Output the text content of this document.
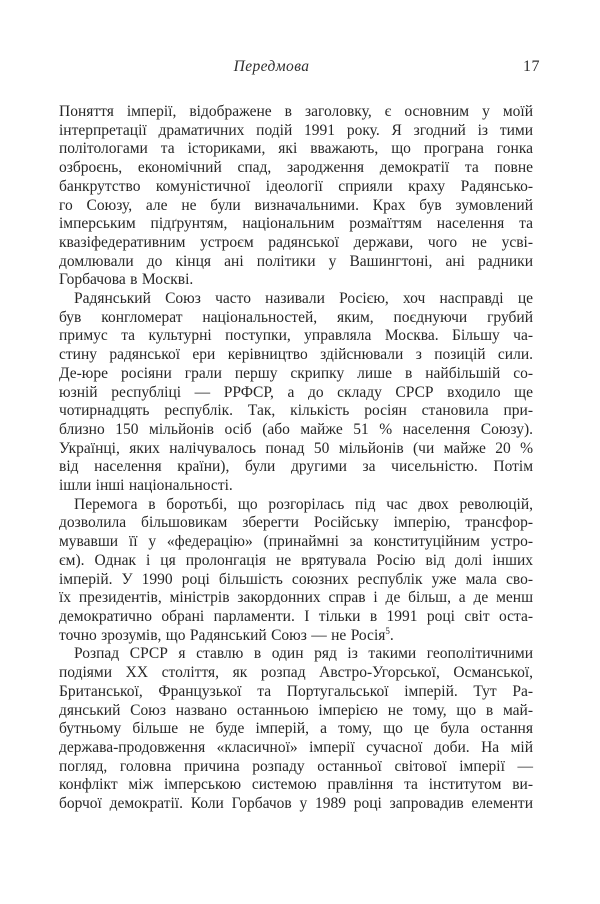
Передмова	17
Поняття імперії, відображене в заголовку, є основним у моїй
інтерпретації драматичних подій 1991 року. Я згодний із тими
політологами та істориками, які вважають, що програна гонка
озброєнь, економічний спад, зародження демократії та повне
банкрутство комуністичної ідеології сприяли краху Радянсько-
го Союзу, але не були визначальними. Крах був зумовлений
імперським підґрунтям, національним розмаїттям населення та
квазіфедеративним устроєм радянської держави, чого не усві-
домлювали до кінця ані політики у Вашингтоні, ані радники
Горбачова в Москві.
Радянський Союз часто називали Росією, хоч насправді це
був конгломерат національностей, яким, поєднуючи грубий
примус та культурні поступки, управляла Москва. Більшу ча-
стину радянської ери керівництво здійснювали з позицій сили.
Де-юре росіяни грали першу скрипку лише в найбільшій со-
юзній республіці — РРФСР, а до складу СРСР входило ще
чотирнадцять республік. Так, кількість росіян становила при-
близно 150 мільйонів осіб (або майже 51 % населення Союзу).
Українці, яких налічувалось понад 50 мільйонів (чи майже 20 %
від населення країни), були другими за чисельністю. Потім
ішли інші національності.
Перемога в боротьбі, що розгорілась під час двох революцій,
дозволила більшовикам зберегти Російську імперію, трансфор-
мувавши її у «федерацію» (принаймні за конституційним устро-
єм). Однак і ця пролонгація не врятувала Росію від долі інших
імперій. У 1990 році більшість союзних республік уже мала сво-
їх президентів, міністрів закордонних справ і де більш, а де менш
демократично обрані парламенти. І тільки в 1991 році світ оста-
точно зрозумів, що Радянський Союз — не Росія$^5$.
Розпад СРСР я ставлю в один ряд із такими геополітичними
подіями XX століття, як розпад Австро-Угорської, Османської,
Британської, Французької та Португальської імперій. Тут Ра-
дянський Союз названо останньою імперією не тому, що в май-
бутньому більше не буде імперій, а тому, що це була остання
держава-продовження «класичної» імперії сучасної доби. На мій
погляд, головна причина розпаду останньої світової імперії —
конфлікт між імперською системою правління та інститутом ви-
борчої демократії. Коли Горбачов у 1989 році запровадив елементи
